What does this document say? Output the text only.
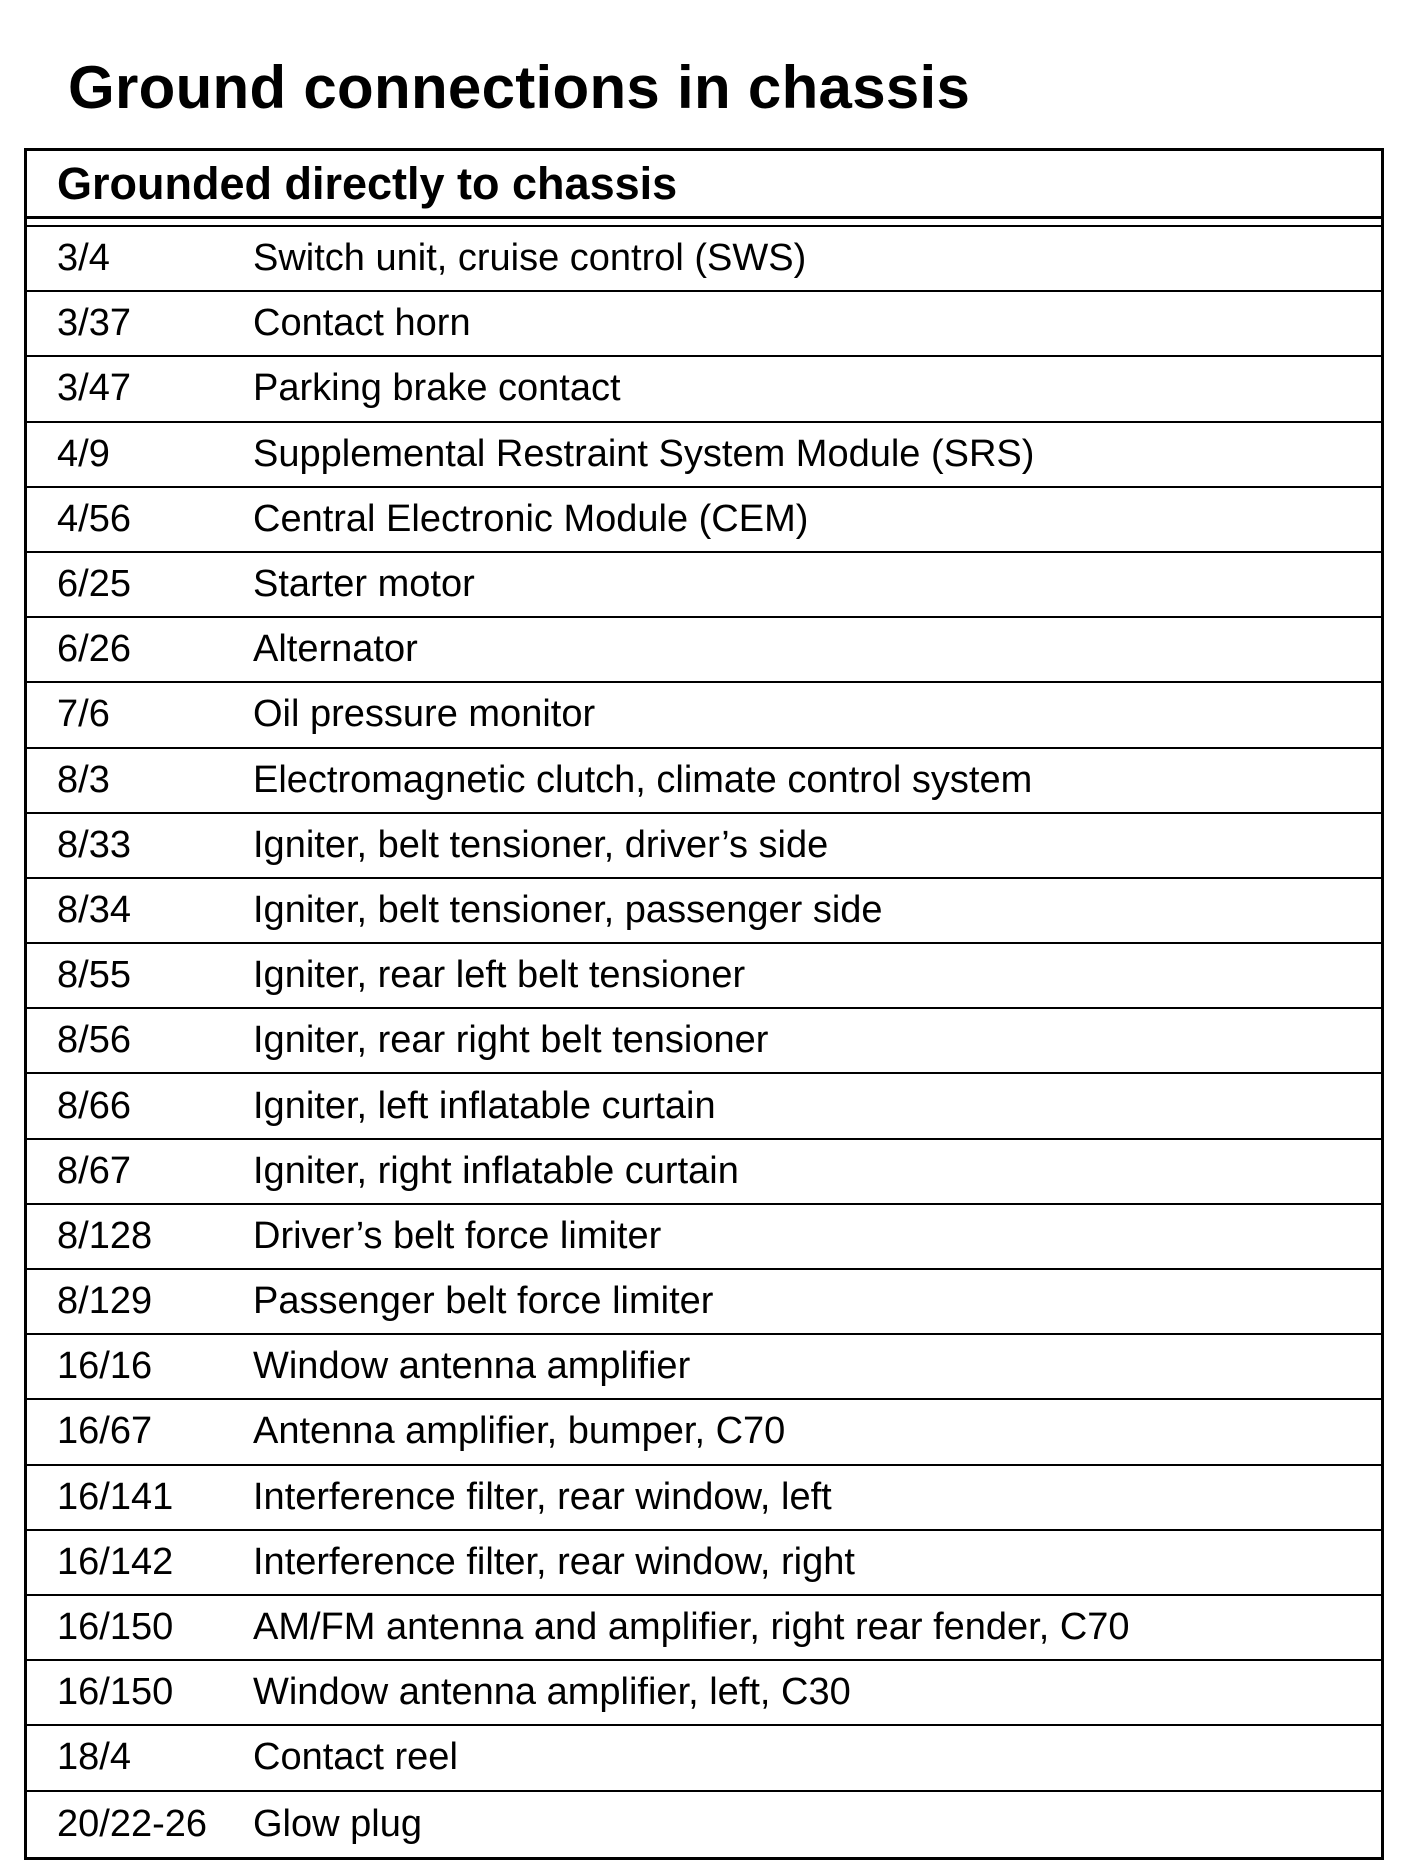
Ground connections in chassis
Grounded directly to chassis
3/4	Switch unit, cruise control (SWS)
3/37	Contact horn
3/47	Parking brake contact
4/9	Supplemental Restraint System Module (SRS)
4/56	Central Electronic Module (CEM)
6/25	Starter motor
6/26	Alternator
7/6	Oil pressure monitor
8/3	Electromagnetic clutch, climate control system
8/33	Igniter, belt tensioner, driver’s side
8/34	Igniter, belt tensioner, passenger side
8/55	Igniter, rear left belt tensioner
8/56	Igniter, rear right belt tensioner
8/66	Igniter, left inflatable curtain
8/67	Igniter, right inflatable curtain
8/128	Driver’s belt force limiter
8/129	Passenger belt force limiter
16/16	Window antenna amplifier
16/67	Antenna amplifier, bumper, C70
16/141	Interference filter, rear window, left
16/142	Interference filter, rear window, right
16/150	AM/FM antenna and amplifier, right rear fender, C70
16/150	Window antenna amplifier, left, C30
18/4	Contact reel
20/22-26	Glow plug
